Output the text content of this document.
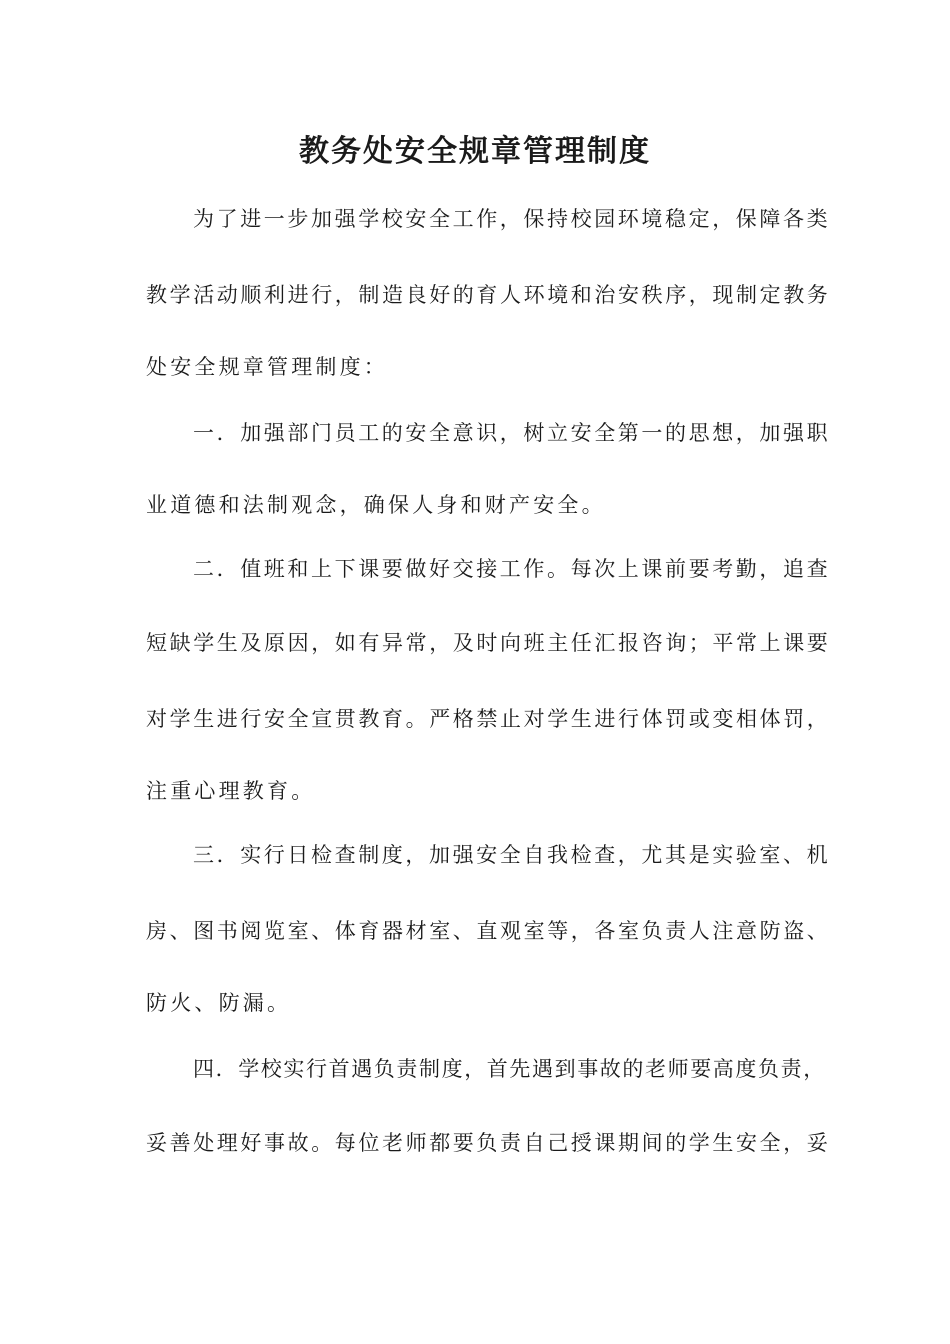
教务处安全规章管理制度
为了进一步加强学校安全工作，保持校园环境稳定，保障各类
教学活动顺利进行，制造良好的育人环境和治安秩序，现制定教务
处安全规章管理制度：
一．加强部门员工的安全意识，树立安全第一的思想，加强职
业道德和法制观念，确保人身和财产安全。
二．值班和上下课要做好交接工作。每次上课前要考勤，追查
短缺学生及原因，如有异常，及时向班主任汇报咨询；平常上课要
对学生进行安全宣贯教育。严格禁止对学生进行体罚或变相体罚，
注重心理教育。
三．实行日检查制度，加强安全自我检查，尤其是实验室、机
房、图书阅览室、体育器材室、直观室等，各室负责人注意防盗、
防火、防漏。
四．学校实行首遇负责制度，首先遇到事故的老师要高度负责，
妥善处理好事故。每位老师都要负责自己授课期间的学生安全，妥
